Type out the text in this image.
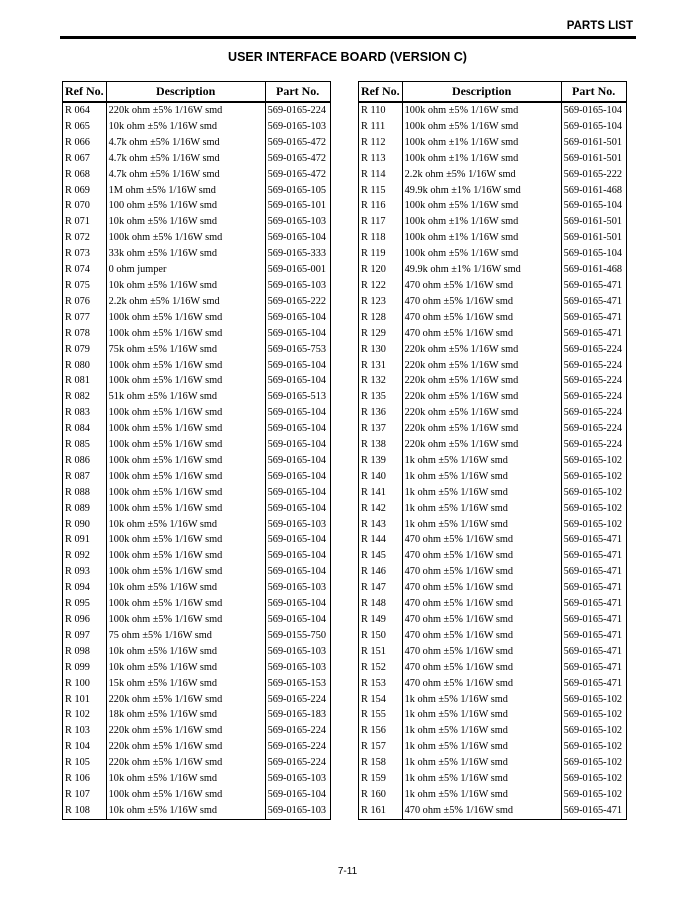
PARTS LIST
USER INTERFACE BOARD (VERSION C)
Ref No.	Description	Part No.
R 064	220k ohm ±5% 1/16W smd	569-0165-224
R 065	10k ohm ±5% 1/16W smd	569-0165-103
R 066	4.7k ohm ±5% 1/16W smd	569-0165-472
R 067	4.7k ohm ±5% 1/16W smd	569-0165-472
R 068	4.7k ohm ±5% 1/16W smd	569-0165-472
R 069	1M ohm ±5% 1/16W smd	569-0165-105
R 070	100 ohm ±5% 1/16W smd	569-0165-101
R 071	10k ohm ±5% 1/16W smd	569-0165-103
R 072	100k ohm ±5% 1/16W smd	569-0165-104
R 073	33k ohm ±5% 1/16W smd	569-0165-333
R 074	0 ohm jumper	569-0165-001
R 075	10k ohm ±5% 1/16W smd	569-0165-103
R 076	2.2k ohm ±5% 1/16W smd	569-0165-222
R 077	100k ohm ±5% 1/16W smd	569-0165-104
R 078	100k ohm ±5% 1/16W smd	569-0165-104
R 079	75k ohm ±5% 1/16W smd	569-0165-753
R 080	100k ohm ±5% 1/16W smd	569-0165-104
R 081	100k ohm ±5% 1/16W smd	569-0165-104
R 082	51k ohm ±5% 1/16W smd	569-0165-513
R 083	100k ohm ±5% 1/16W smd	569-0165-104
R 084	100k ohm ±5% 1/16W smd	569-0165-104
R 085	100k ohm ±5% 1/16W smd	569-0165-104
R 086	100k ohm ±5% 1/16W smd	569-0165-104
R 087	100k ohm ±5% 1/16W smd	569-0165-104
R 088	100k ohm ±5% 1/16W smd	569-0165-104
R 089	100k ohm ±5% 1/16W smd	569-0165-104
R 090	10k ohm ±5% 1/16W smd	569-0165-103
R 091	100k ohm ±5% 1/16W smd	569-0165-104
R 092	100k ohm ±5% 1/16W smd	569-0165-104
R 093	100k ohm ±5% 1/16W smd	569-0165-104
R 094	10k ohm ±5% 1/16W smd	569-0165-103
R 095	100k ohm ±5% 1/16W smd	569-0165-104
R 096	100k ohm ±5% 1/16W smd	569-0165-104
R 097	75 ohm ±5% 1/16W smd	569-0155-750
R 098	10k ohm ±5% 1/16W smd	569-0165-103
R 099	10k ohm ±5% 1/16W smd	569-0165-103
R 100	15k ohm ±5% 1/16W smd	569-0165-153
R 101	220k ohm ±5% 1/16W smd	569-0165-224
R 102	18k ohm ±5% 1/16W smd	569-0165-183
R 103	220k ohm ±5% 1/16W smd	569-0165-224
R 104	220k ohm ±5% 1/16W smd	569-0165-224
R 105	220k ohm ±5% 1/16W smd	569-0165-224
R 106	10k ohm ±5% 1/16W smd	569-0165-103
R 107	100k ohm ±5% 1/16W smd	569-0165-104
R 108	10k ohm ±5% 1/16W smd	569-0165-103
Ref No.	Description	Part No.
R 110	100k ohm ±5% 1/16W smd	569-0165-104
R 111	100k ohm ±5% 1/16W smd	569-0165-104
R 112	100k ohm ±1% 1/16W smd	569-0161-501
R 113	100k ohm ±1% 1/16W smd	569-0161-501
R 114	2.2k ohm ±5% 1/16W smd	569-0165-222
R 115	49.9k ohm ±1% 1/16W smd	569-0161-468
R 116	100k ohm ±5% 1/16W smd	569-0165-104
R 117	100k ohm ±1% 1/16W smd	569-0161-501
R 118	100k ohm ±1% 1/16W smd	569-0161-501
R 119	100k ohm ±5% 1/16W smd	569-0165-104
R 120	49.9k ohm ±1% 1/16W smd	569-0161-468
R 122	470 ohm ±5% 1/16W smd	569-0165-471
R 123	470 ohm ±5% 1/16W smd	569-0165-471
R 128	470 ohm ±5% 1/16W smd	569-0165-471
R 129	470 ohm ±5% 1/16W smd	569-0165-471
R 130	220k ohm ±5% 1/16W smd	569-0165-224
R 131	220k ohm ±5% 1/16W smd	569-0165-224
R 132	220k ohm ±5% 1/16W smd	569-0165-224
R 135	220k ohm ±5% 1/16W smd	569-0165-224
R 136	220k ohm ±5% 1/16W smd	569-0165-224
R 137	220k ohm ±5% 1/16W smd	569-0165-224
R 138	220k ohm ±5% 1/16W smd	569-0165-224
R 139	1k ohm ±5% 1/16W smd	569-0165-102
R 140	1k ohm ±5% 1/16W smd	569-0165-102
R 141	1k ohm ±5% 1/16W smd	569-0165-102
R 142	1k ohm ±5% 1/16W smd	569-0165-102
R 143	1k ohm ±5% 1/16W smd	569-0165-102
R 144	470 ohm ±5% 1/16W smd	569-0165-471
R 145	470 ohm ±5% 1/16W smd	569-0165-471
R 146	470 ohm ±5% 1/16W smd	569-0165-471
R 147	470 ohm ±5% 1/16W smd	569-0165-471
R 148	470 ohm ±5% 1/16W smd	569-0165-471
R 149	470 ohm ±5% 1/16W smd	569-0165-471
R 150	470 ohm ±5% 1/16W smd	569-0165-471
R 151	470 ohm ±5% 1/16W smd	569-0165-471
R 152	470 ohm ±5% 1/16W smd	569-0165-471
R 153	470 ohm ±5% 1/16W smd	569-0165-471
R 154	1k ohm ±5% 1/16W smd	569-0165-102
R 155	1k ohm ±5% 1/16W smd	569-0165-102
R 156	1k ohm ±5% 1/16W smd	569-0165-102
R 157	1k ohm ±5% 1/16W smd	569-0165-102
R 158	1k ohm ±5% 1/16W smd	569-0165-102
R 159	1k ohm ±5% 1/16W smd	569-0165-102
R 160	1k ohm ±5% 1/16W smd	569-0165-102
R 161	470 ohm ±5% 1/16W smd	569-0165-471
7-11
